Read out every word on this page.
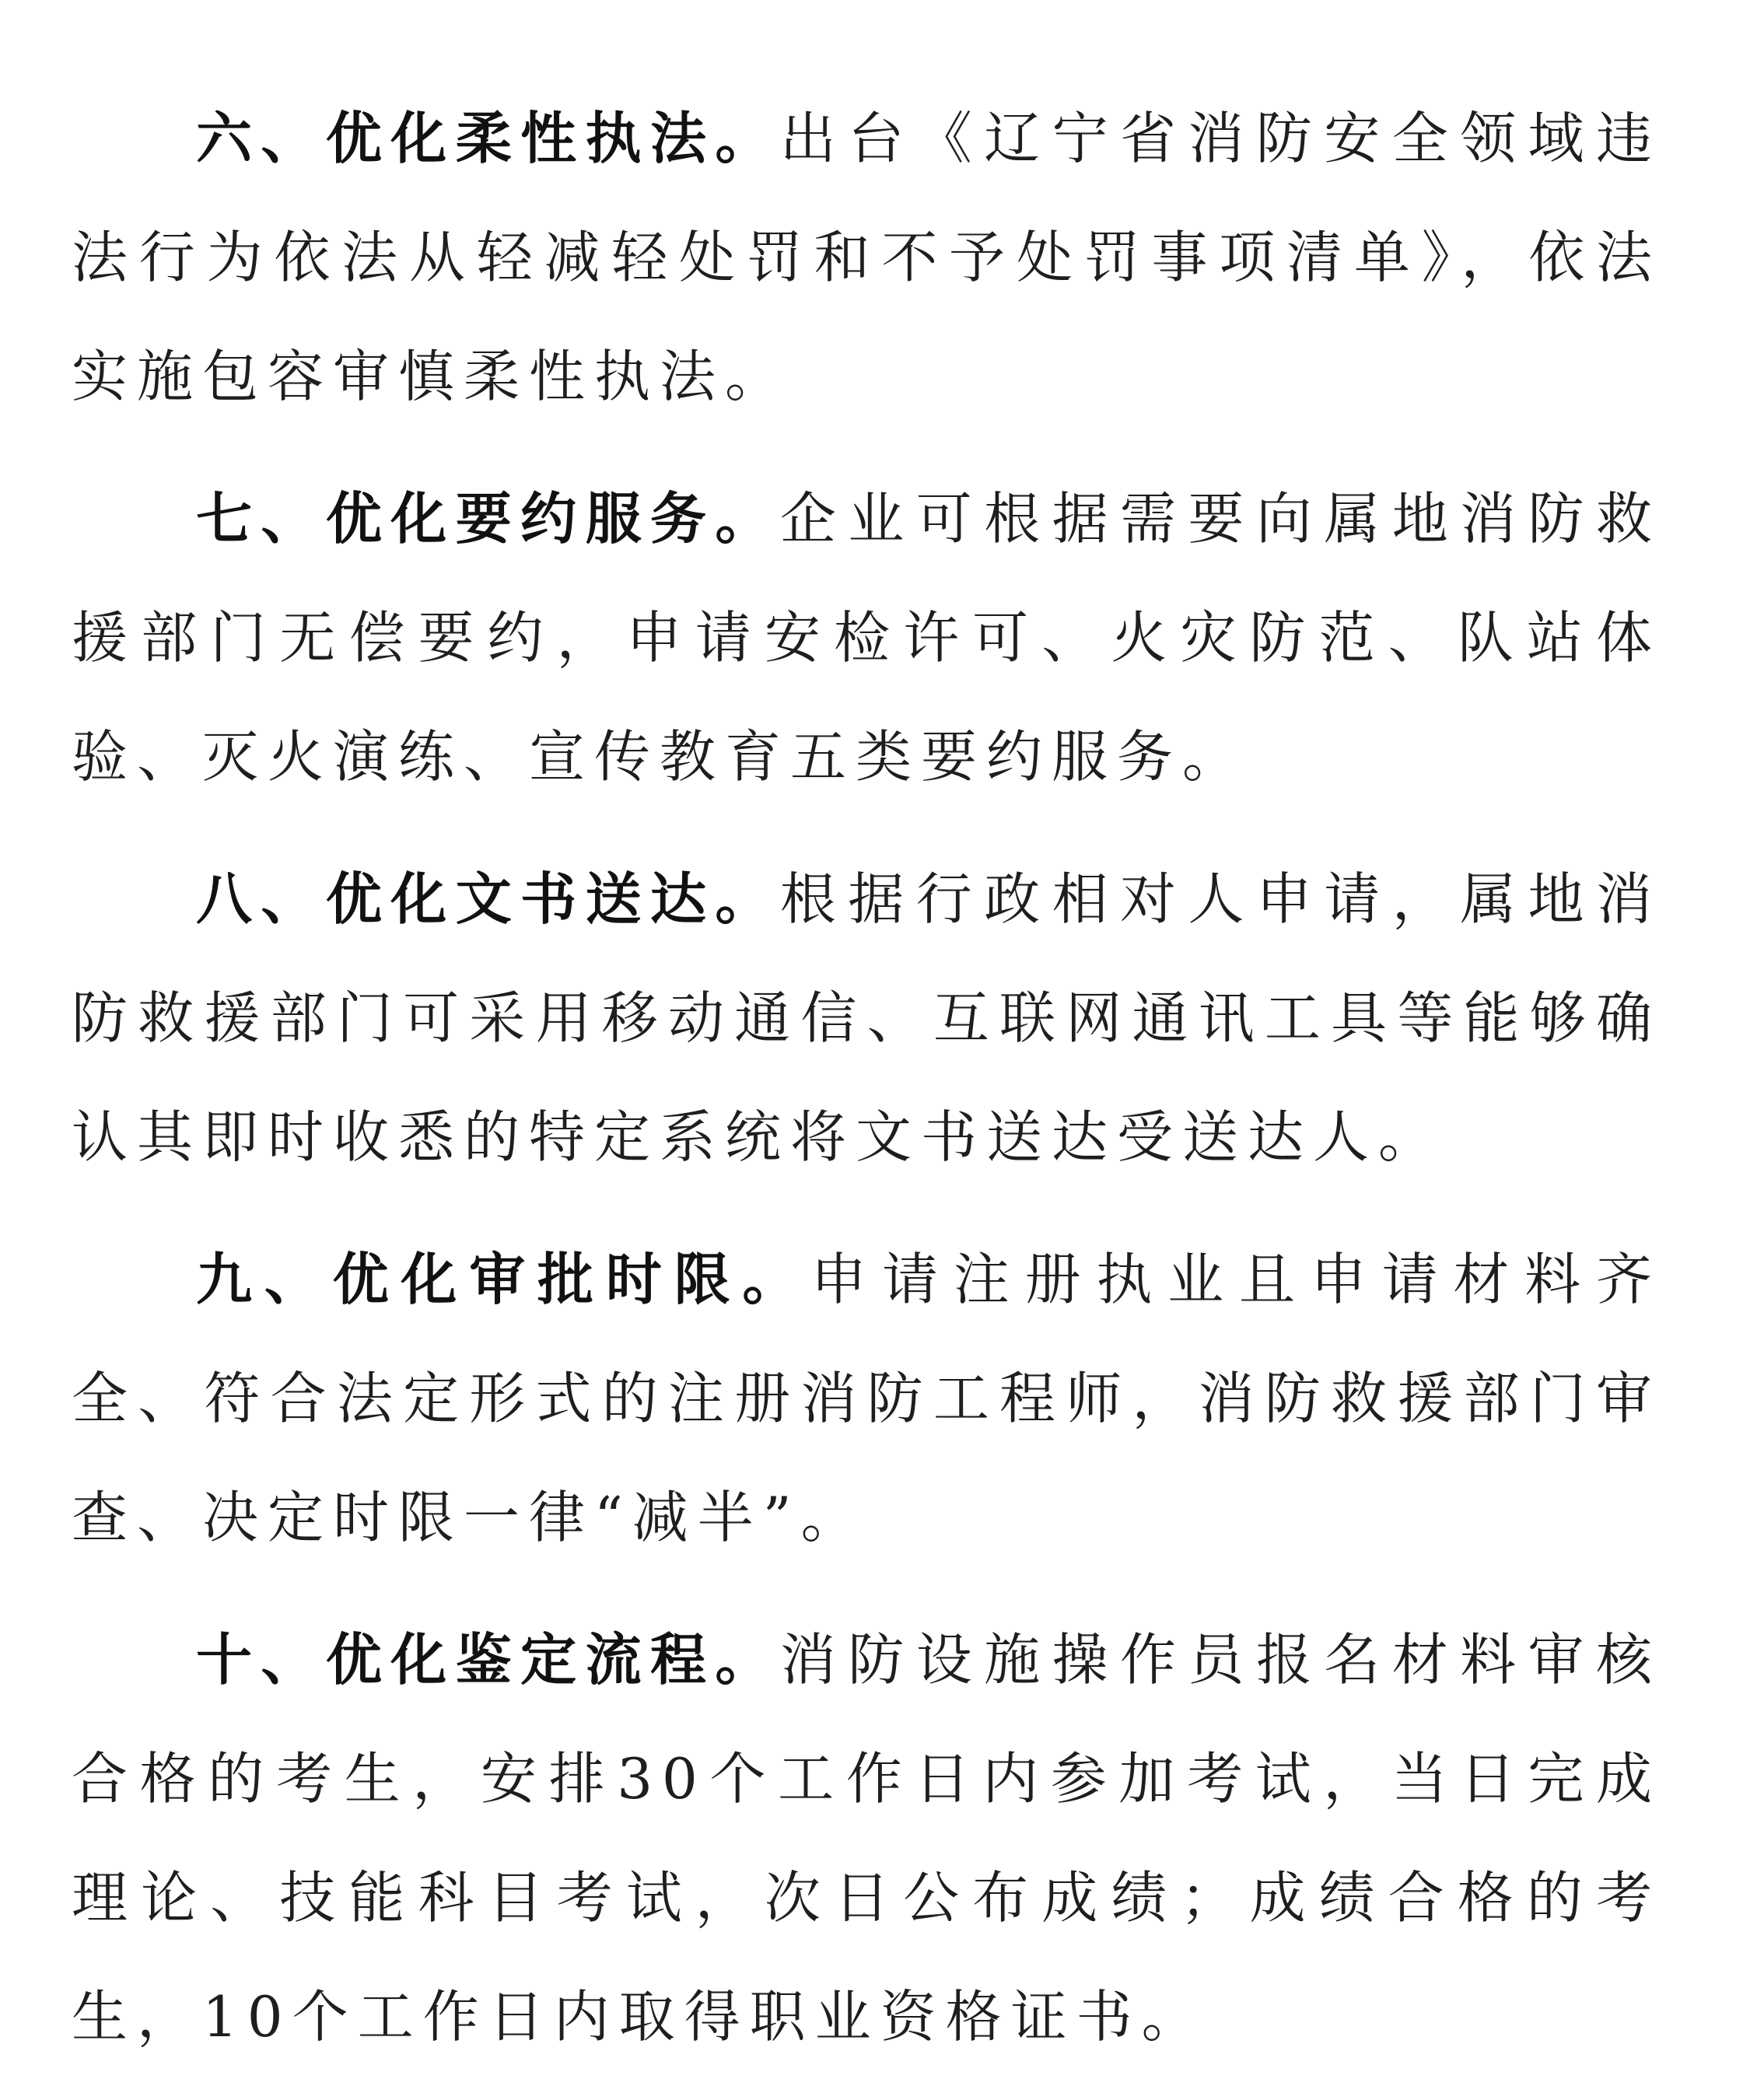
六、优化柔性执法。出台《辽宁省消防安全领域违法行为依法从轻减轻处罚和不予处罚事项清单》，依法实施包容审慎柔性执法。

七、优化要约服务。企业可根据需要向属地消防救援部门无偿要约，申请安检许可、火灾防范、队站体验、灭火演练、宣传教育五类要约服务。

八、优化文书送达。根据行政相对人申请，属地消防救援部门可采用移动通信、互联网通讯工具等能够确认其即时收悉的特定系统将文书送达受送达人。

九、优化审批时限。申请注册执业且申请材料齐全、符合法定形式的注册消防工程师，消防救援部门审查、决定时限一律“减半”。

十、优化鉴定流程。消防设施操作员报名材料审核合格的考生，安排30个工作日内参加考试，当日完成理论、技能科目考试，次日公布成绩；成绩合格的考生，10个工作日内取得职业资格证书。
